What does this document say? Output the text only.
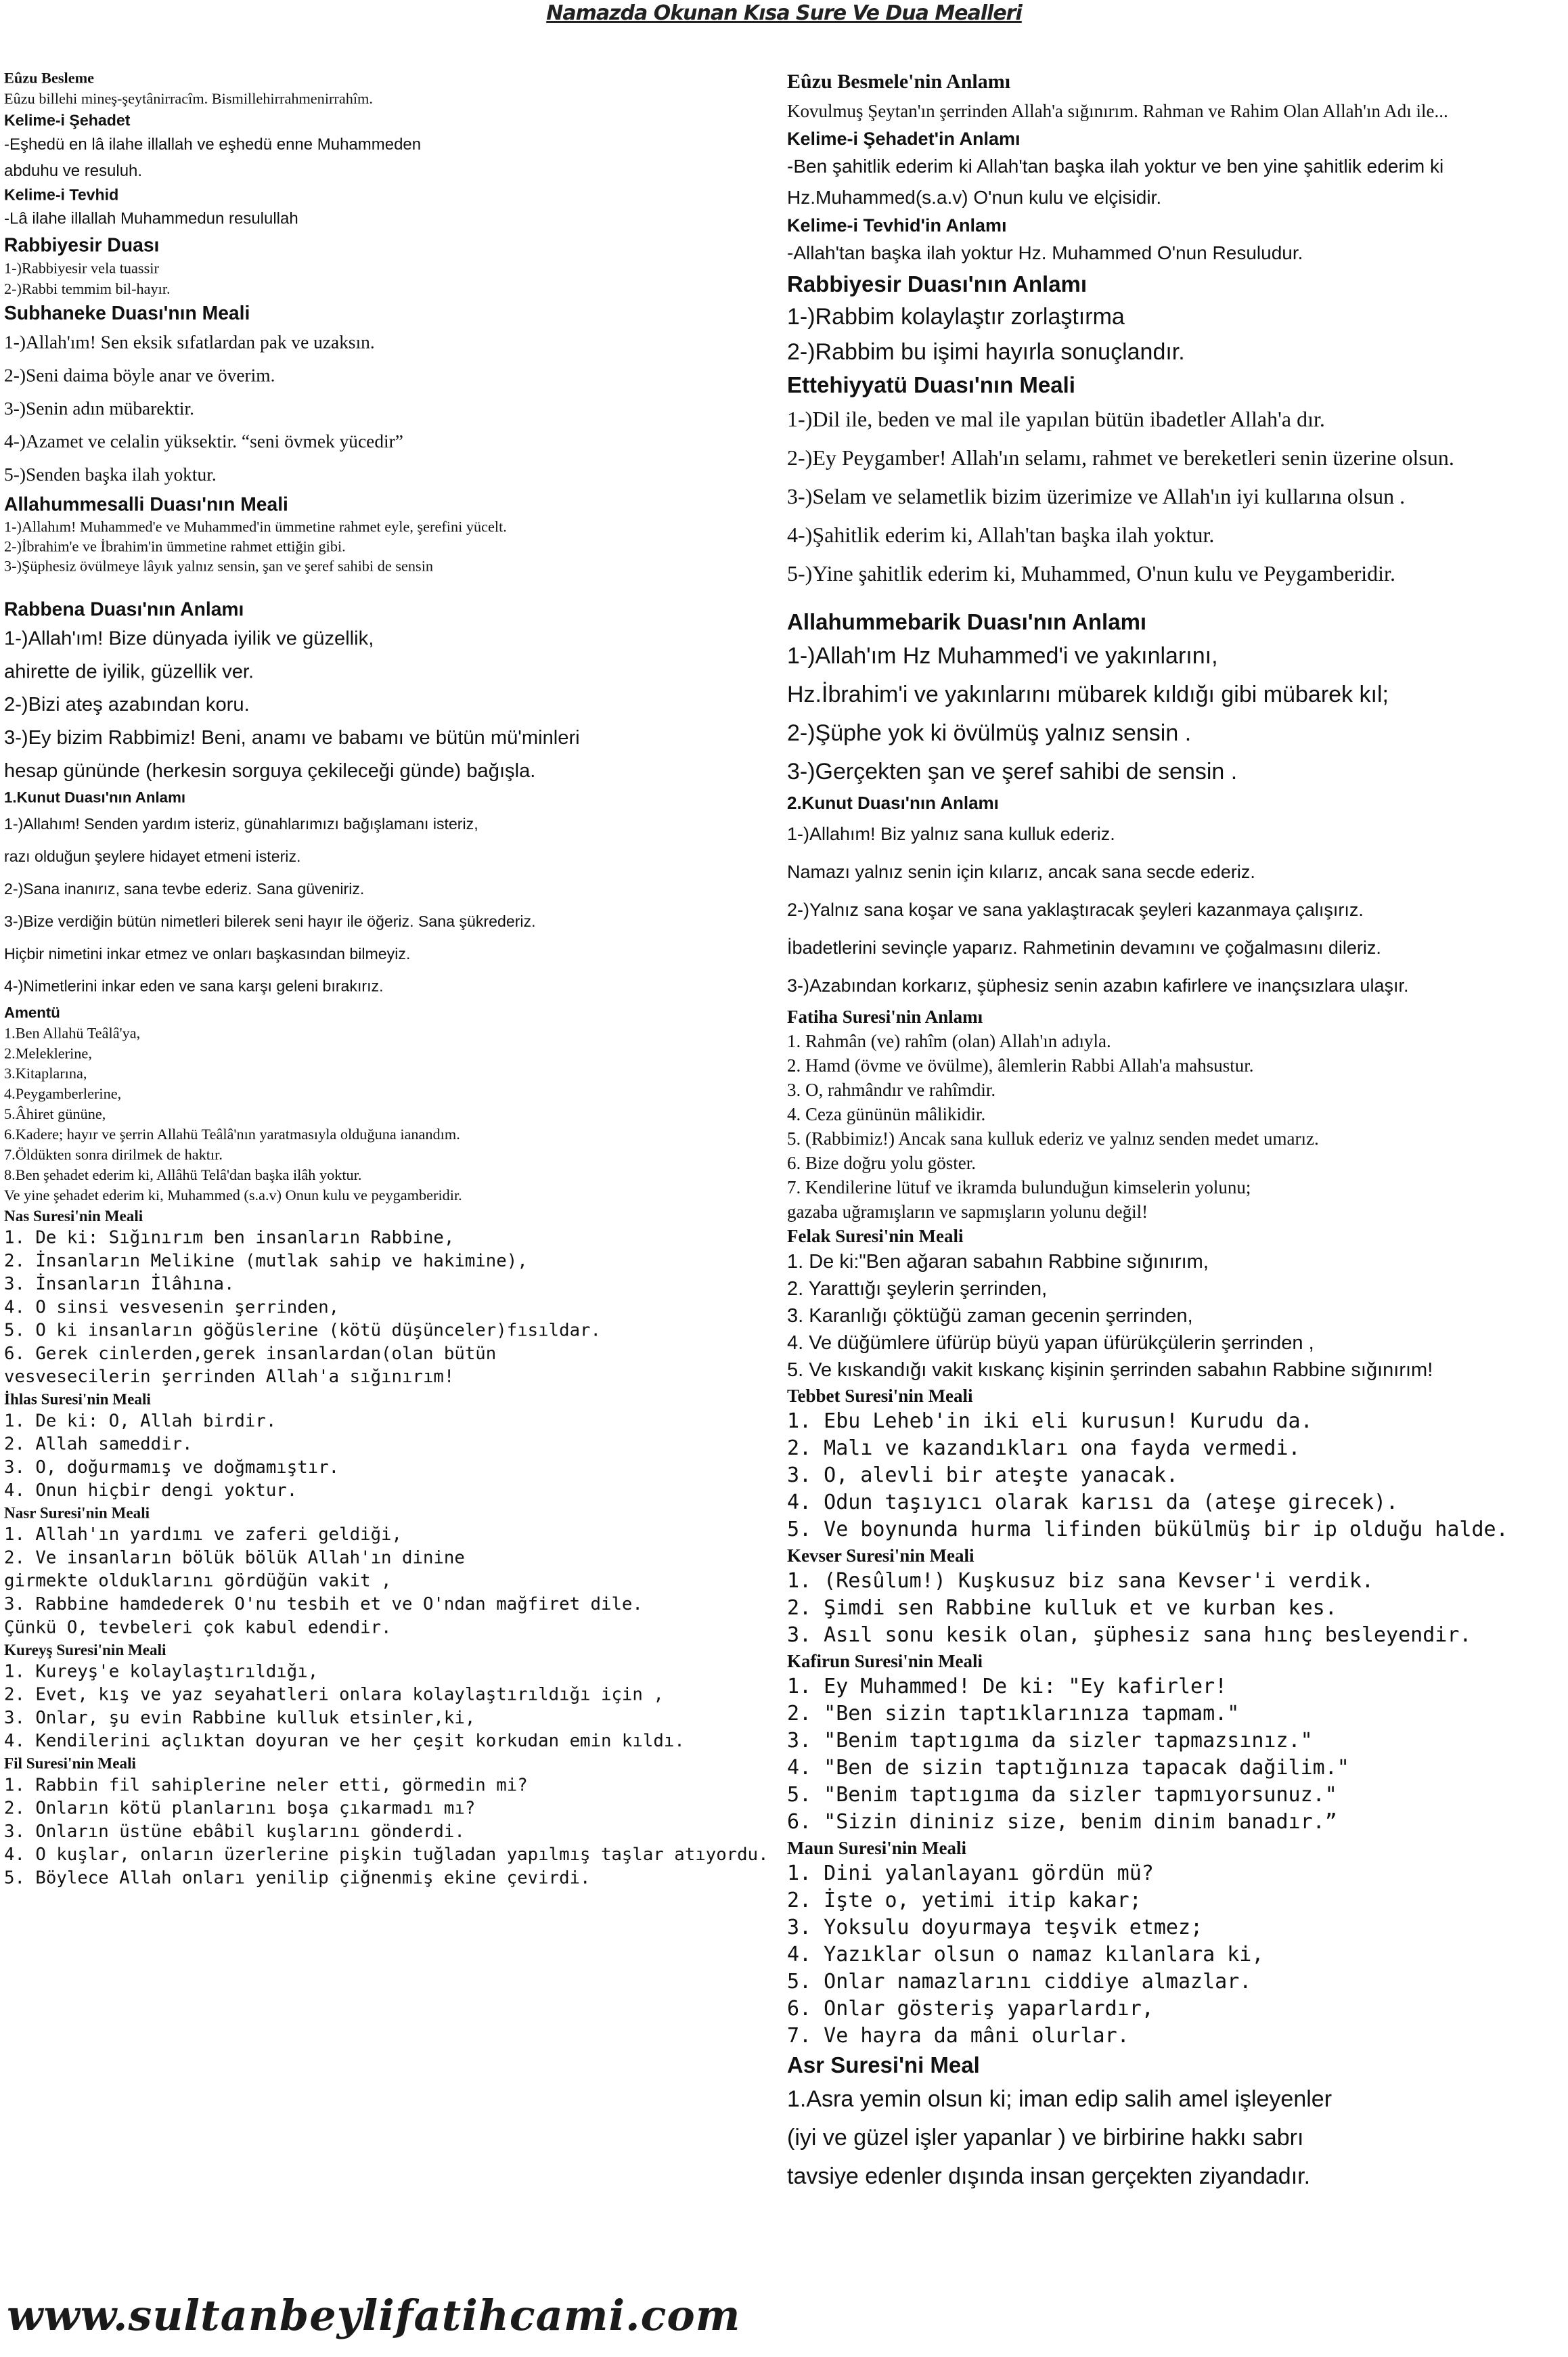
Namazda Okunan Kısa Sure Ve Dua Mealleri
Eûzu Besleme
Eûzu billehi mineş-şeytânirracîm. Bismillehirrahmenirrahîm.
Kelime-i Şehadet
-Eşhedü en lâ ilahe illallah ve eşhedü enne Muhammeden
abduhu ve resuluh.
Kelime-i Tevhid
-Lâ ilahe illallah Muhammedun resulullah
Rabbiyesir Duası
1-)Rabbiyesir vela tuassir
2-)Rabbi temmim bil-hayır.
Subhaneke Duası'nın Meali
1-)Allah'ım! Sen eksik sıfatlardan pak ve uzaksın.
2-)Seni daima böyle anar ve överim.
3-)Senin adın mübarektir.
4-)Azamet ve celalin yüksektir. “seni övmek yücedir”
5-)Senden başka ilah yoktur.
Allahummesalli Duası'nın Meali
1-)Allahım! Muhammed'e ve Muhammed'in ümmetine rahmet eyle, şerefini yücelt.
2-)İbrahim'e ve İbrahim'in ümmetine rahmet ettiğin gibi.
3-)Şüphesiz övülmeye lâyık yalnız sensin, şan ve şeref sahibi de sensin
Rabbena Duası'nın Anlamı
1-)Allah'ım! Bize dünyada iyilik ve güzellik,
ahirette de iyilik, güzellik ver.
2-)Bizi ateş azabından koru.
3-)Ey bizim Rabbimiz! Beni, anamı ve babamı ve bütün mü'minleri
hesap gününde (herkesin sorguya çekileceği günde) bağışla.
1.Kunut Duası'nın Anlamı
1-)Allahım! Senden yardım isteriz, günahlarımızı bağışlamanı isteriz,
razı olduğun şeylere hidayet etmeni isteriz.
2-)Sana inanırız, sana tevbe ederiz. Sana güveniriz.
3-)Bize verdiğin bütün nimetleri bilerek seni hayır ile öğeriz. Sana şükrederiz.
Hiçbir nimetini inkar etmez ve onları başkasından bilmeyiz.
4-)Nimetlerini inkar eden ve sana karşı geleni bırakırız.
Amentü
1.Ben Allahü Teâlâ'ya,
2.Meleklerine,
3.Kitaplarına,
4.Peygamberlerine,
5.Âhiret gününe,
6.Kadere; hayır ve şerrin Allahü Teâlâ'nın yaratmasıyla olduğuna ianandım.
7.Öldükten sonra dirilmek de haktır.
8.Ben şehadet ederim ki, Allâhü Telâ'dan başka ilâh yoktur.
Ve yine şehadet ederim ki, Muhammed (s.a.v) Onun kulu ve peygamberidir.
Nas Suresi'nin Meali
1. De ki: Sığınırım ben insanların Rabbine,
2. İnsanların Melikine (mutlak sahip ve hakimine),
3. İnsanların İlâhına.
4. O sinsi vesvesenin şerrinden,
5. O ki insanların göğüslerine (kötü düşünceler)fısıldar.
6. Gerek cinlerden,gerek insanlardan(olan bütün
vesvesecilerin şerrinden Allah'a sığınırım!
İhlas Suresi'nin Meali
1. De ki: O, Allah birdir.
2. Allah sameddir.
3. O, doğurmamış ve doğmamıştır.
4. Onun hiçbir dengi yoktur.
Nasr Suresi'nin Meali
1. Allah'ın yardımı ve zaferi geldiği,
2. Ve insanların bölük bölük Allah'ın dinine
girmekte olduklarını gördüğün vakit ,
3. Rabbine hamdederek O'nu tesbih et ve O'ndan mağfiret dile.
Çünkü O, tevbeleri çok kabul edendir.
Kureyş Suresi'nin Meali
1. Kureyş'e kolaylaştırıldığı,
2. Evet, kış ve yaz seyahatleri onlara kolaylaştırıldığı için ,
3. Onlar, şu evin Rabbine kulluk etsinler,ki,
4. Kendilerini açlıktan doyuran ve her çeşit korkudan emin kıldı.
Fil Suresi'nin Meali
1. Rabbin fil sahiplerine neler etti, görmedin mi?
2. Onların kötü planlarını boşa çıkarmadı mı?
3. Onların üstüne ebâbil kuşlarını gönderdi.
4. O kuşlar, onların üzerlerine pişkin tuğladan yapılmış taşlar atıyordu.
5. Böylece Allah onları yenilip çiğnenmiş ekine çevirdi.
Eûzu Besmele'nin Anlamı
Kovulmuş Şeytan'ın şerrinden Allah'a sığınırım. Rahman ve Rahim Olan Allah'ın Adı ile...
Kelime-i Şehadet'in Anlamı
-Ben şahitlik ederim ki Allah'tan başka ilah yoktur ve ben yine şahitlik ederim ki
Hz.Muhammed(s.a.v) O'nun kulu ve elçisidir.
Kelime-i Tevhid'in Anlamı
-Allah'tan başka ilah yoktur Hz. Muhammed O'nun Resuludur.
Rabbiyesir Duası'nın Anlamı
1-)Rabbim kolaylaştır zorlaştırma
2-)Rabbim bu işimi hayırla sonuçlandır.
Ettehiyyatü Duası'nın Meali
1-)Dil ile, beden ve mal ile yapılan bütün ibadetler Allah'a dır.
2-)Ey Peygamber! Allah'ın selamı, rahmet ve bereketleri senin üzerine olsun.
3-)Selam ve selametlik bizim üzerimize ve Allah'ın iyi kullarına olsun .
4-)Şahitlik ederim ki, Allah'tan başka ilah yoktur.
5-)Yine şahitlik ederim ki, Muhammed, O'nun kulu ve Peygamberidir.
Allahummebarik Duası'nın Anlamı
1-)Allah'ım Hz Muhammed'i ve yakınlarını,
Hz.İbrahim'i ve yakınlarını mübarek kıldığı gibi mübarek kıl;
2-)Şüphe yok ki övülmüş yalnız sensin .
3-)Gerçekten şan ve şeref sahibi de sensin .
2.Kunut Duası'nın Anlamı
1-)Allahım! Biz yalnız sana kulluk ederiz.
Namazı yalnız senin için kılarız, ancak sana secde ederiz.
2-)Yalnız sana koşar ve sana yaklaştıracak şeyleri kazanmaya çalışırız.
İbadetlerini sevinçle yaparız. Rahmetinin devamını ve çoğalmasını dileriz.
3-)Azabından korkarız, şüphesiz senin azabın kafirlere ve inançsızlara ulaşır.
Fatiha Suresi'nin Anlamı
1. Rahmân (ve) rahîm (olan) Allah'ın adıyla.
2. Hamd (övme ve övülme), âlemlerin Rabbi Allah'a mahsustur.
3. O, rahmândır ve rahîmdir.
4. Ceza gününün mâlikidir.
5. (Rabbimiz!) Ancak sana kulluk ederiz ve yalnız senden medet umarız.
6. Bize doğru yolu göster.
7. Kendilerine lütuf ve ikramda bulunduğun kimselerin yolunu;
gazaba uğramışların ve sapmışların yolunu değil!
Felak Suresi'nin Meali
1. De ki:"Ben ağaran sabahın Rabbine sığınırım,
2. Yarattığı şeylerin şerrinden,
3. Karanlığı çöktüğü zaman gecenin şerrinden,
4. Ve düğümlere üfürüp büyü yapan üfürükçülerin şerrinden ,
5. Ve kıskandığı vakit kıskanç kişinin şerrinden sabahın Rabbine sığınırım!
Tebbet Suresi'nin Meali
1. Ebu Leheb'in iki eli kurusun! Kurudu da.
2. Malı ve kazandıkları ona fayda vermedi.
3. O, alevli bir ateşte yanacak.
4. Odun taşıyıcı olarak karısı da (ateşe girecek).
5. Ve boynunda hurma lifinden bükülmüş bir ip olduğu halde.
Kevser Suresi'nin Meali
1. (Resûlum!) Kuşkusuz biz sana Kevser'i verdik.
2. Şimdi sen Rabbine kulluk et ve kurban kes.
3. Asıl sonu kesik olan, şüphesiz sana hınç besleyendir.
Kafirun Suresi'nin Meali
1. Ey Muhammed! De ki: "Ey kafirler!
2. "Ben sizin taptıklarınıza tapmam."
3. "Benim taptıgıma da sizler tapmazsınız."
4. "Ben de sizin taptığınıza tapacak dağilim."
5. "Benim taptıgıma da sizler tapmıyorsunuz."
6. "Sizin dininiz size, benim dinim banadır.”
Maun Suresi'nin Meali
1. Dini yalanlayanı gördün mü?
2. İşte o, yetimi itip kakar;
3. Yoksulu doyurmaya teşvik etmez;
4. Yazıklar olsun o namaz kılanlara ki,
5. Onlar namazlarını ciddiye almazlar.
6. Onlar gösteriş yaparlardır,
7. Ve hayra da mâni olurlar.
Asr Suresi'ni Meal
1.Asra yemin olsun ki; iman edip salih amel işleyenler
(iyi ve güzel işler yapanlar ) ve birbirine hakkı sabrı
tavsiye edenler dışında insan gerçekten ziyandadır.
www.sultanbeylifatihcami.com
